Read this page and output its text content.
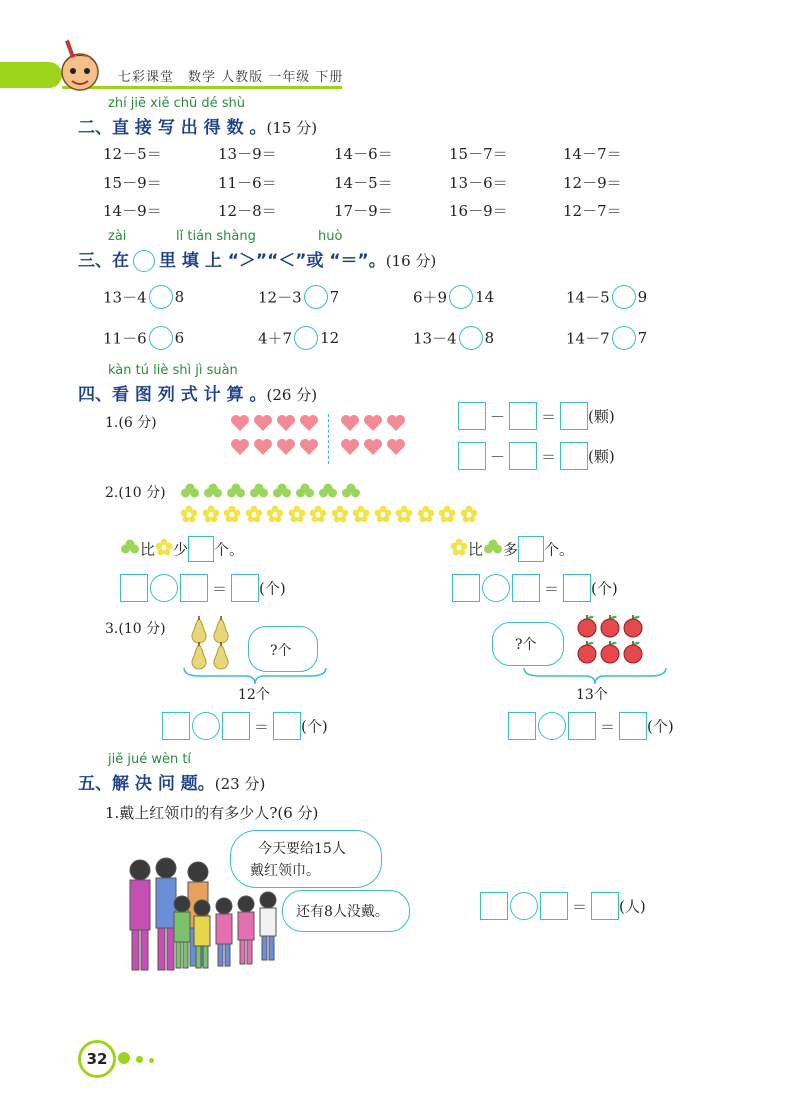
七彩课堂　数学 人教版 一年级 下册
zhí jiē xiě chū dé shù
二、直 接 写 出 得 数 。(15 分)
zài	lǐ tián shàng	huò
三、在 里 填 上 “＞”“＜”或 “＝”。(16 分)
kàn tú liè shì jì suàn
四、看 图 列 式 计 算 。(26 分)
1.(6 分)	－ ＝ (颗)
－ ＝ (颗)
2.(10 分)
比 少 个。	比 多 个。
＝ (个)	＝ (个)
3.(10 分)
?个
12个
?个
13个
＝ (个)	＝ (个)
jiě jué wèn tí
五、解 决 问 题。(23 分)
1.戴上红领巾的有多少人?(6 分)
今天要给15人
戴红领巾。
还有8人没戴。	＝ (人)
32
12－5＝	13－9＝	14－6＝	15－7＝	14－7＝
15－9＝	11－6＝	14－5＝	13－6＝	12－9＝
14－9＝	12－8＝	17－9＝	16－9＝	12－7＝
13－4 8	12－3 7	6＋9 14	14－5 9
11－6 6	4＋7 12	13－4 8	14－7 7
